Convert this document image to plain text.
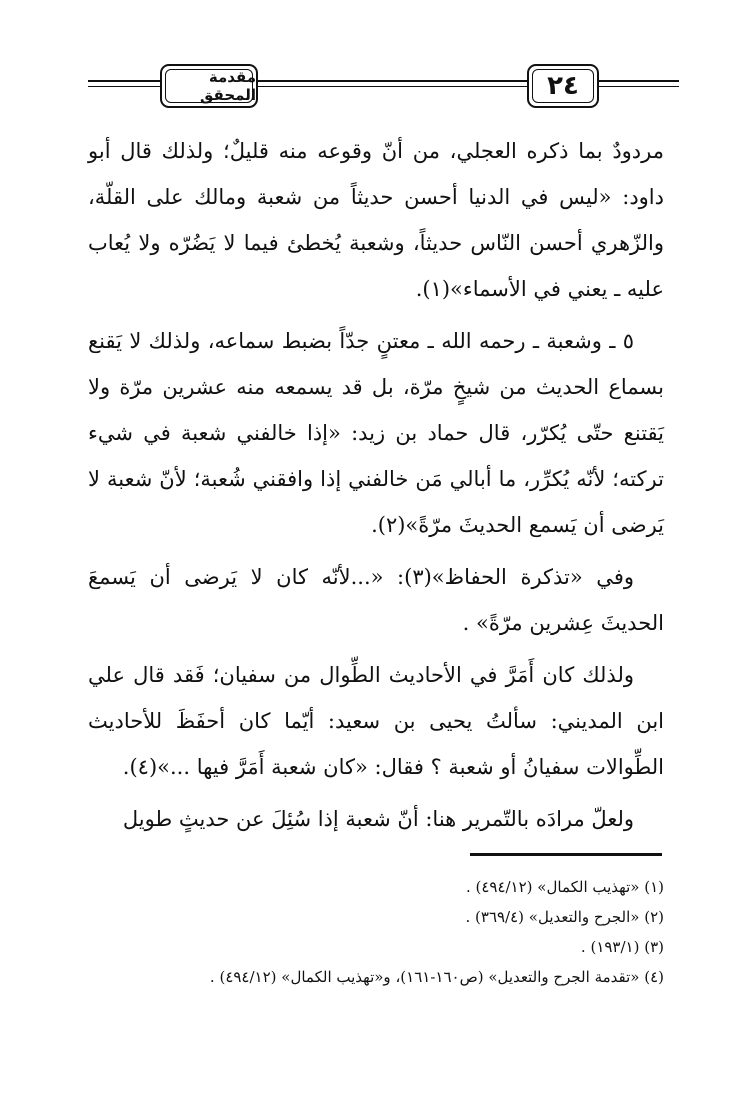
٢٤
مقدمة المحقق

مردودٌ بما ذكره العجلي، من أنّ وقوعه منه قليلٌ؛ ولذلك قال أبو داود: «ليس في الدنيا أحسن حديثاً من شعبة ومالك على القلّة، والزّهري أحسن النّاس حديثاً، وشعبة يُخطئ فيما لا يَضُرّه ولا يُعاب عليه ـ يعني في الأسماء»(١).

٥ ـ وشعبة ـ رحمه الله ـ معتنٍ جدّاً بضبط سماعه، ولذلك لا يَقنع بسماع الحديث من شيخٍ مرّة، بل قد يسمعه منه عشرين مرّة ولا يَقتنع حتّى يُكرّر، قال حماد بن زيد: «إذا خالفني شعبة في شيء تركته؛ لأنّه يُكرِّر، ما أبالي مَن خالفني إذا وافقني شُعبة؛ لأنّ شعبة لا يَرضى أن يَسمع الحديثَ مرّةً»(٢).

وفي «تذكرة الحفاظ»(٣): «...لأنّه كان لا يَرضى أن يَسمعَ الحديثَ عِشرين مرّةً» .

ولذلك كان أَمَرَّ في الأحاديث الطِّوال من سفيان؛ فَقد قال علي ابن المديني: سألتُ يحيى بن سعيد: أيّما كان أحفَظَ للأحاديث الطِّوالات سفيانُ أو شعبة ؟ فقال: «كان شعبة أَمَرَّ فيها ...»(٤).

ولعلّ مرادَه بالتّمرير هنا: أنّ شعبة إذا سُئِلَ عن حديثٍ طويل

(١) «تهذيب الكمال» (٤٩٤/١٢) .
(٢) «الجرح والتعديل» (٣٦٩/٤) .
(٣) (١٩٣/١) .
(٤) «تقدمة الجرح والتعديل» (ص١٦٠-١٦١)، و«تهذيب الكمال» (٤٩٤/١٢) .
